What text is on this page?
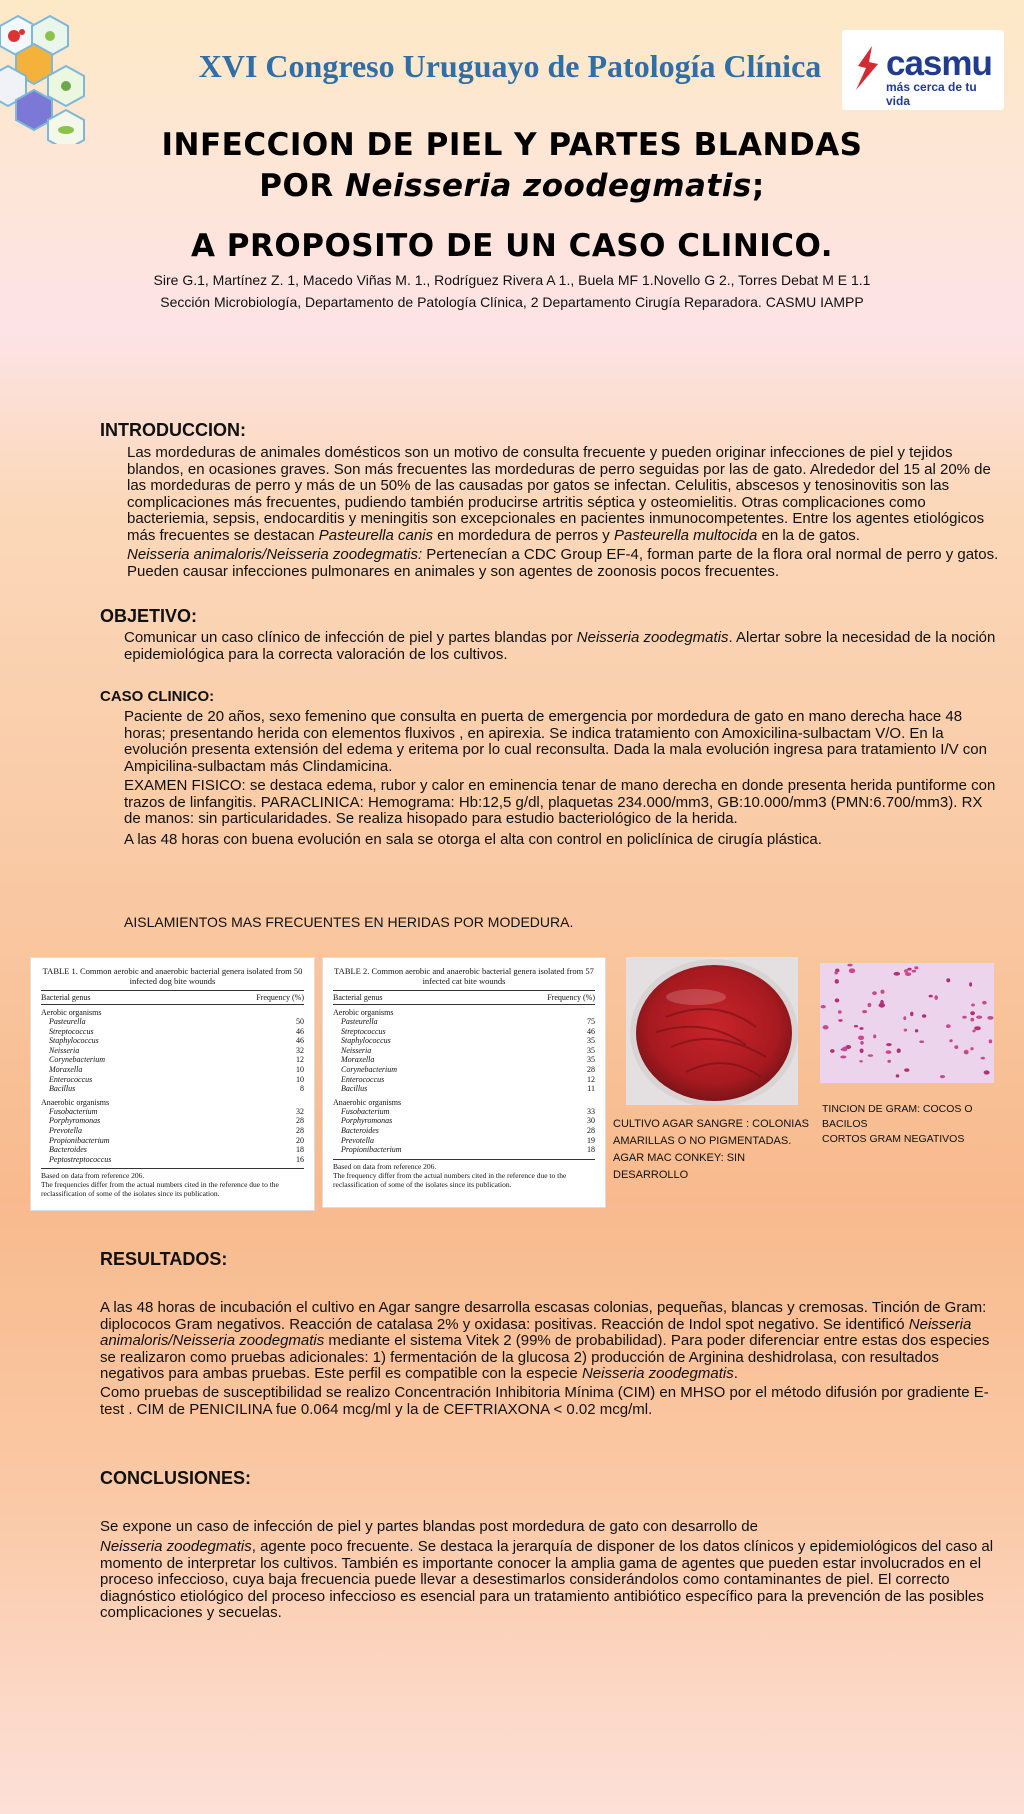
XVI Congreso Uruguayo de Patología Clínica	casmu
más cerca de tu vida
INFECCION DE PIEL Y PARTES BLANDAS
POR Neisseria zoodegmatis;
A PROPOSITO DE UN CASO CLINICO.
Sire G.1, Martínez Z. 1, Macedo Viñas M. 1., Rodríguez Rivera A 1., Buela MF 1.Novello G 2., Torres Debat M E 1.1
Sección Microbiología, Departamento de Patología Clínica, 2 Departamento Cirugía Reparadora. CASMU IAMPP
INTRODUCCION:
Las mordeduras de animales domésticos son un motivo de consulta frecuente y pueden originar infecciones de piel y tejidos blandos, en ocasiones graves. Son más frecuentes las mordeduras de perro seguidas por las de gato. Alrededor del 15 al 20% de las mordeduras de perro y más de un 50% de las causadas por gatos se infectan. Celulitis, abscesos y tenosinovitis son las complicaciones más frecuentes, pudiendo también producirse artritis séptica y osteomielitis. Otras complicaciones como bacteriemia, sepsis, endocarditis y meningitis son excepcionales en pacientes inmunocompetentes. Entre los agentes etiológicos más frecuentes se destacan Pasteurella canis en mordedura de perros y Pasteurella multocida en la de gatos.
Neisseria animaloris/Neisseria zoodegmatis: Pertenecían a CDC Group EF-4, forman parte de la flora oral normal de perro y gatos. Pueden causar infecciones pulmonares en animales y son agentes de zoonosis pocos frecuentes.
OBJETIVO:
Comunicar un caso clínico de infección de piel y partes blandas por Neisseria zoodegmatis. Alertar sobre la necesidad de la noción epidemiológica para la correcta valoración de los cultivos.
CASO CLINICO:
Paciente de 20 años, sexo femenino que consulta en puerta de emergencia por mordedura de gato en mano derecha hace 48 horas; presentando herida con elementos fluxivos , en apirexia. Se indica tratamiento con Amoxicilina-sulbactam V/O. En la evolución presenta extensión del edema y eritema por lo cual reconsulta. Dada la mala evolución ingresa para tratamiento I/V con Ampicilina-sulbactam más Clindamicina.
EXAMEN FISICO: se destaca edema, rubor y calor en eminencia tenar de mano derecha en donde presenta herida puntiforme con trazos de linfangitis. PARACLINICA: Hemograma: Hb:12,5 g/dl, plaquetas 234.000/mm3, GB:10.000/mm3 (PMN:6.700/mm3). RX de manos: sin particularidades. Se realiza hisopado para estudio bacteriológico de la herida.
A las 48 horas con buena evolución en sala se otorga el alta con control en policlínica de cirugía plástica.
AISLAMIENTOS MAS FRECUENTES EN HERIDAS POR MODEDURA.
TABLE 1. Common aerobic and anaerobic bacterial genera isolated from 50 infected dog bite wounds
Bacterial genus	Frequency (%)
Aerobic organisms
Pasteurella	50
Streptococcus	46
Staphylococcus	46
Neisseria	32
Corynebacterium	12
Moraxella	10
Enterococcus	10
Bacillus	8
Anaerobic organisms
Fusobacterium	32
Porphyromonas	28
Prevotella	28
Propionibacterium	20
Bacteroides	18
Peptostreptococcus	16
Based on data from reference 206.
The frequencies differ from the actual numbers cited in the reference due to the reclassification of some of the isolates since its publication.
TABLE 2. Common aerobic and anaerobic bacterial genera isolated from 57 infected cat bite wounds
Bacterial genus	Frequency (%)
Aerobic organisms
Pasteurella	75
Streptococcus	46
Staphylococcus	35
Neisseria	35
Moraxella	35
Corynebacterium	28
Enterococcus	12
Bacillus	11
Anaerobic organisms
Fusobacterium	33
Porphyromonas	30
Bacteroides	28
Prevotella	19
Propionibacterium	18
Based on data from reference 206.
The frequency differ from the actual numbers cited in the reference due to the reclassification of some of the isolates since its publication.
CULTIVO AGAR SANGRE : COLONIAS
AMARILLAS O NO PIGMENTADAS.
AGAR MAC CONKEY: SIN DESARROLLO
TINCION DE GRAM: COCOS O BACILOS
CORTOS GRAM NEGATIVOS
RESULTADOS:
A las 48 horas de incubación el cultivo en Agar sangre desarrolla escasas colonias, pequeñas, blancas y cremosas. Tinción de Gram: diplococos Gram negativos. Reacción de catalasa 2% y oxidasa: positivas. Reacción de Indol spot negativo. Se identificó Neisseria animaloris/Neisseria zoodegmatis mediante el sistema Vitek 2 (99% de probabilidad). Para poder diferenciar entre estas dos especies se realizaron como pruebas adicionales: 1) fermentación de la glucosa 2) producción de Arginina deshidrolasa, con resultados negativos para ambas pruebas. Este perfil es compatible con la especie Neisseria zoodegmatis.
Como pruebas de susceptibilidad se realizo Concentración Inhibitoria Mínima (CIM) en MHSO por el método difusión por gradiente E-test . CIM de PENICILINA fue 0.064 mcg/ml y la de CEFTRIAXONA < 0.02 mcg/ml.
CONCLUSIONES:
Se expone un caso de infección de piel y partes blandas post mordedura de gato con desarrollo de
Neisseria zoodegmatis, agente poco frecuente. Se destaca la jerarquía de disponer de los datos clínicos y epidemiológicos del caso al momento de interpretar los cultivos. También es importante conocer la amplia gama de agentes que pueden estar involucrados en el proceso infeccioso, cuya baja frecuencia puede llevar a desestimarlos considerándolos como contaminantes de piel. El correcto diagnóstico etiológico del proceso infeccioso es esencial para un tratamiento antibiótico específico para la prevención de las posibles complicaciones y secuelas.
